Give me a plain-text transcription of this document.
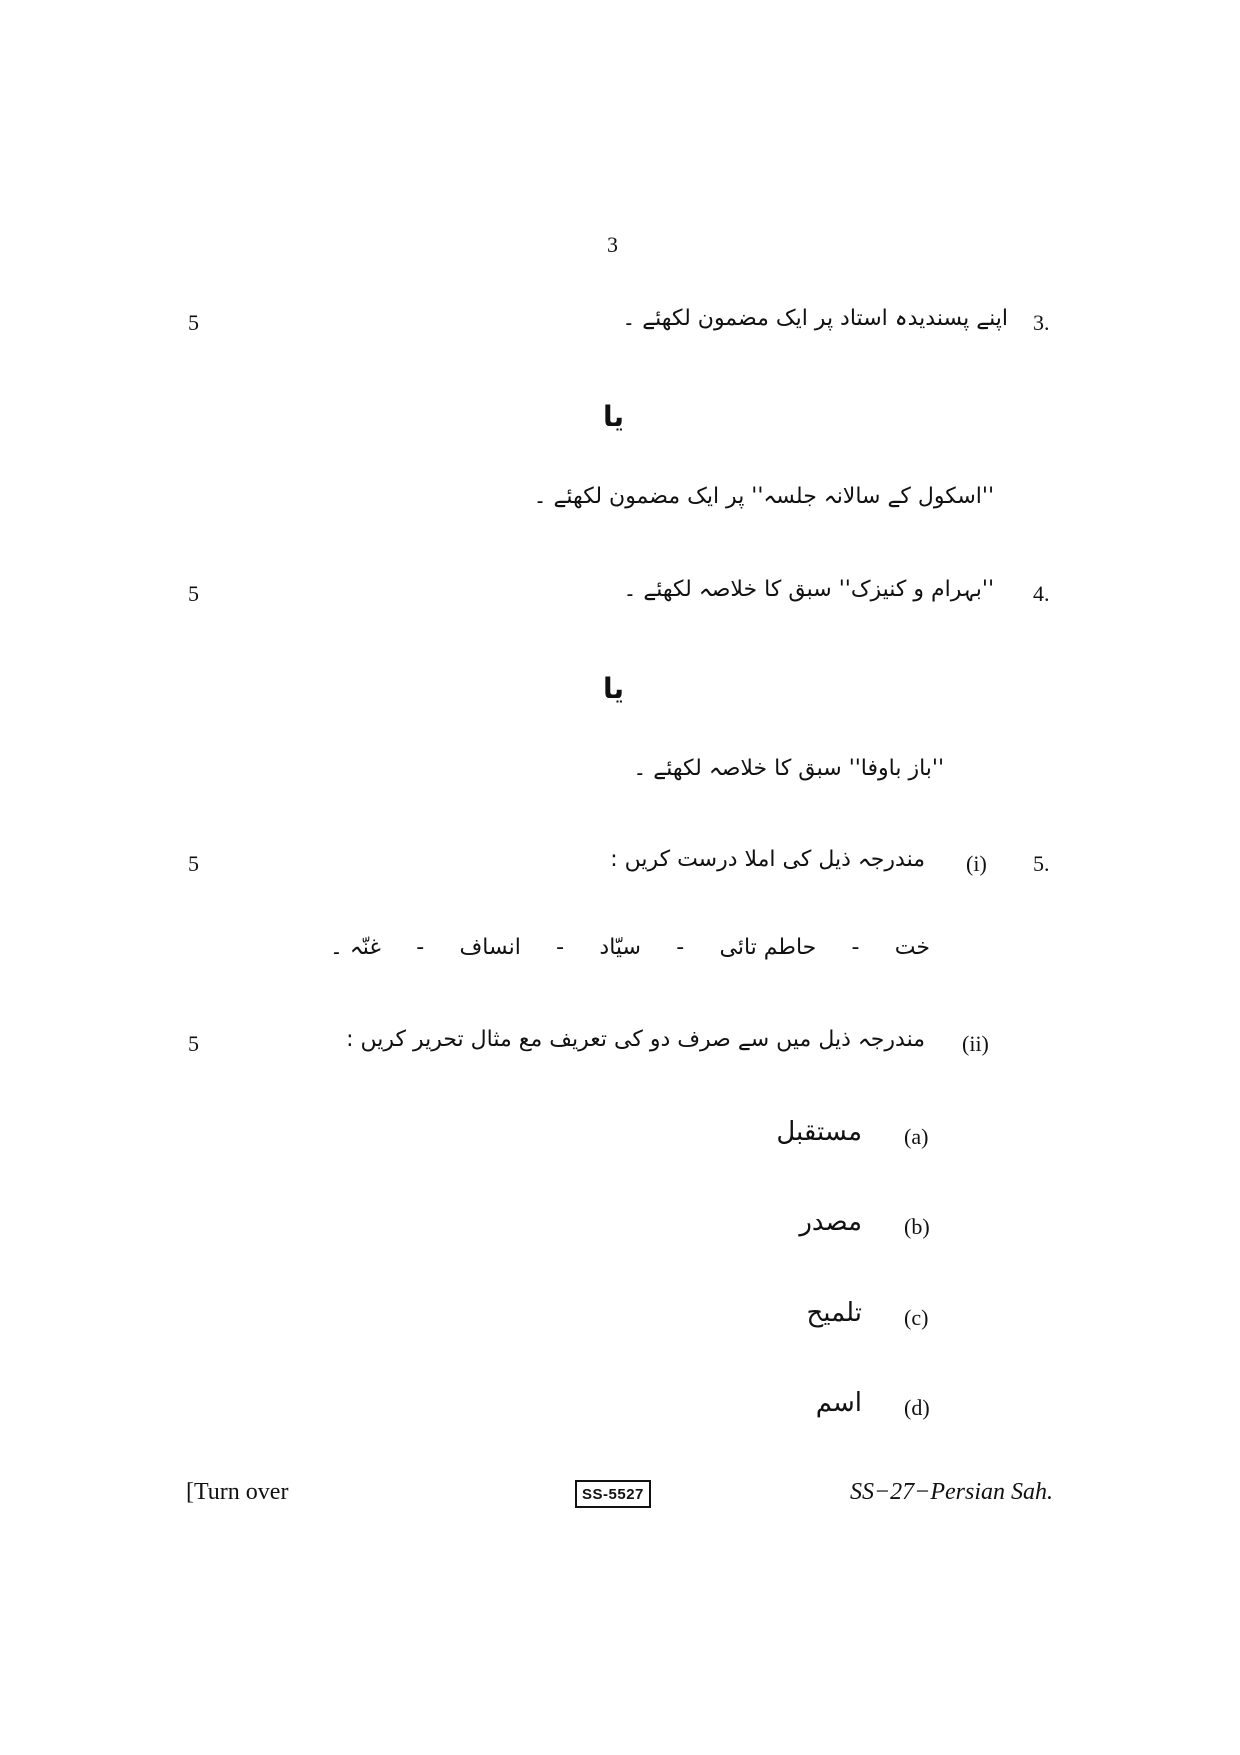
3
5	3.
اپنے پسندیدہ استاد پر ایک مضمون لکھئے ۔
یا
''اسکول کے سالانہ جلسہ'' پر ایک مضمون لکھئے ۔
5	4.
''بہرام و کنیزک'' سبق کا خلاصہ لکھئے ۔
یا
''باز باوفا'' سبق کا خلاصہ لکھئے ۔
5	5.
(i)
مندرجہ ذیل کی املا درست کریں :
خت
-
حاطم تائی
-
سیّاد
-
انساف
-
غنّہ ۔
5	(ii)
مندرجہ ذیل میں سے صرف دو کی تعریف مع مثال تحریر کریں :
(a)
مستقبل
(b)
مصدر
(c)
تلمیح
(d)
اسم
[Turn over	SS-5527	SS−27−Persian Sah.
